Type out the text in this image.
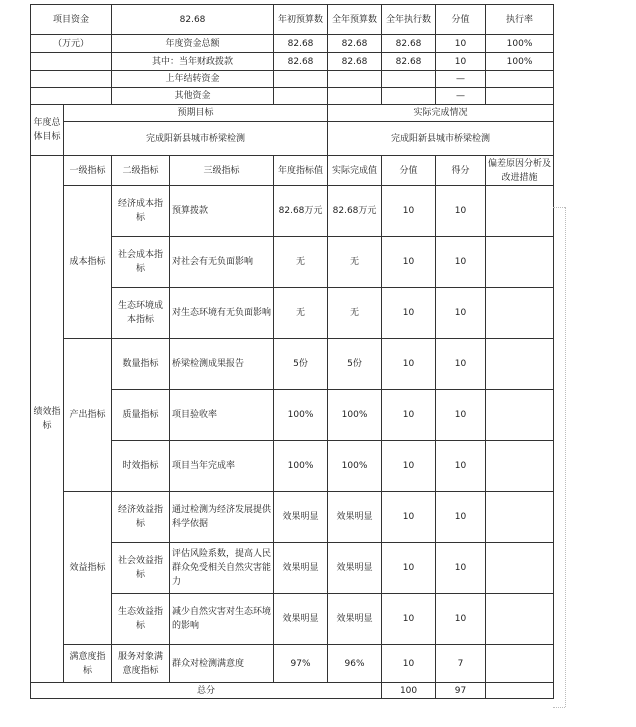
项目资金		82.68		年初预算数	全年预算数	全年执行数	分值	执行率
（万元）		年度资金总额		82.68	82.68	82.68	10	100%
		其中：当年财政拨款		82.68	82.68	82.68	10	100%
		上年结转资金					—	
		其他资金					—	
年度总体目标	预期目标				实际完成情况			
	完成阳新县城市桥梁检测				完成阳新县城市桥梁检测			
绩效指标	一级指标	二级指标	三级指标	年度指标值	实际完成值	分值	得分	偏差原因分析及改进措施
	成本指标	经济成本指标	预算拨款	82.68万元	82.68万元	10	10	
		社会成本指标	对社会有无负面影响	无	无	10	10	
		生态环境成本指标	对生态环境有无负面影响	无	无	10	10	
	产出指标	数量指标	桥梁检测成果报告	5份	5份	10	10	
		质量指标	项目验收率	100%	100%	10	10	
		时效指标	项目当年完成率	100%	100%	10	10	
	效益指标	经济效益指标	通过检测为经济发展提供科学依据	效果明显	效果明显	10	10	
		社会效益指标	评估风险系数，提高人民群众免受相关自然灾害能力	效果明显	效果明显	10	10	
		生态效益指标	减少自然灾害对生态环境的影响	效果明显	效果明显	10	10	
	满意度指标	服务对象满意度指标	群众对检测满意度	97%	96%	10	7	
总分						100	97	
